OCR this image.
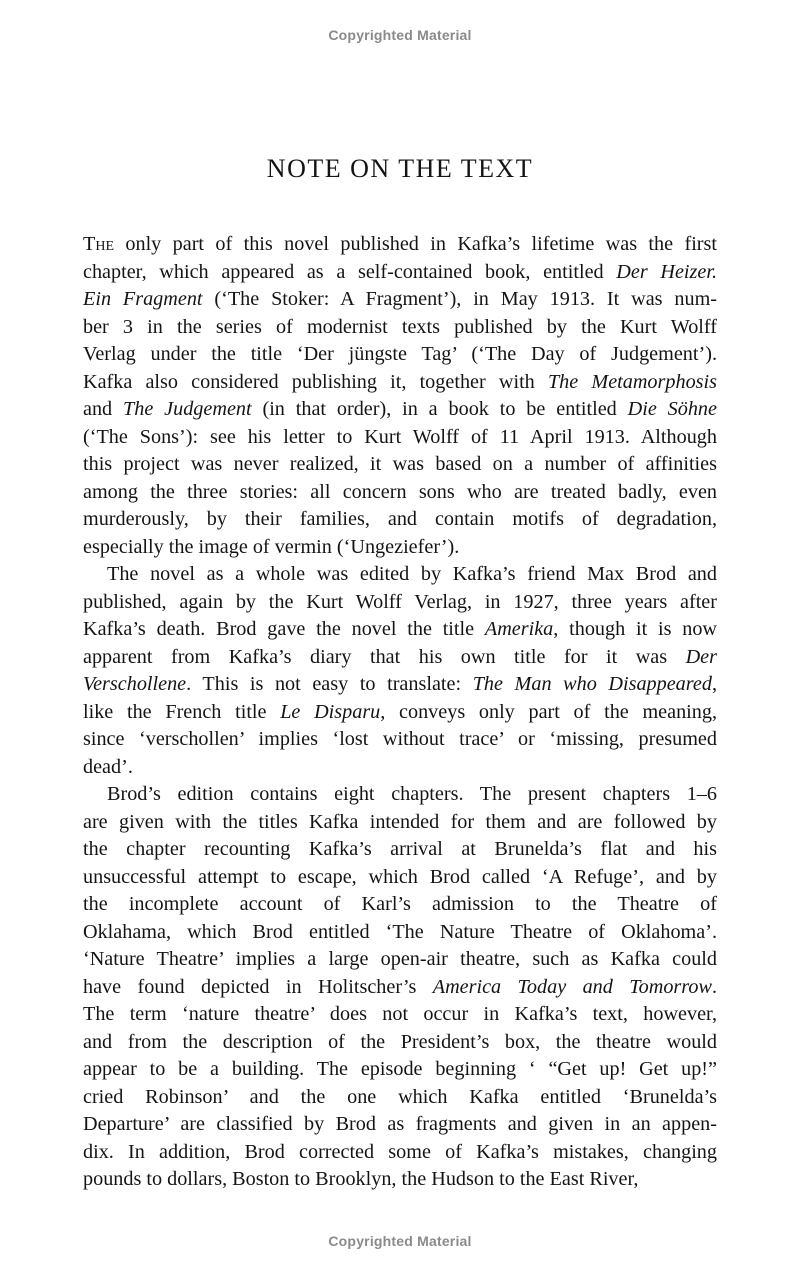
Copyrighted Material
NOTE ON THE TEXT
The only part of this novel published in Kafka’s lifetime was the first
chapter, which appeared as a self-contained book, entitled Der Heizer.
Ein Fragment (‘The Stoker: A Fragment’), in May 1913. It was num-
ber 3 in the series of modernist texts published by the Kurt Wolff
Verlag under the title ‘Der jüngste Tag’ (‘The Day of Judgement’).
Kafka also considered publishing it, together with The Metamorphosis
and The Judgement (in that order), in a book to be entitled Die Söhne
(‘The Sons’): see his letter to Kurt Wolff of 11 April 1913. Although
this project was never realized, it was based on a number of affinities
among the three stories: all concern sons who are treated badly, even
murderously, by their families, and contain motifs of degradation,
especially the image of vermin (‘Ungeziefer’).
The novel as a whole was edited by Kafka’s friend Max Brod and
published, again by the Kurt Wolff Verlag, in 1927, three years after
Kafka’s death. Brod gave the novel the title Amerika, though it is now
apparent from Kafka’s diary that his own title for it was Der
Verschollene. This is not easy to translate: The Man who Disappeared,
like the French title Le Disparu, conveys only part of the meaning,
since ‘verschollen’ implies ‘lost without trace’ or ‘missing, presumed
dead’.
Brod’s edition contains eight chapters. The present chapters 1–6
are given with the titles Kafka intended for them and are followed by
the chapter recounting Kafka’s arrival at Brunelda’s flat and his
unsuccessful attempt to escape, which Brod called ‘A Refuge’, and by
the incomplete account of Karl’s admission to the Theatre of
Oklahama, which Brod entitled ‘The Nature Theatre of Oklahoma’.
‘Nature Theatre’ implies a large open-air theatre, such as Kafka could
have found depicted in Holitscher’s America Today and Tomorrow.
The term ‘nature theatre’ does not occur in Kafka’s text, however,
and from the description of the President’s box, the theatre would
appear to be a building. The episode beginning ‘ “Get up! Get up!”
cried Robinson’ and the one which Kafka entitled ‘Brunelda’s
Departure’ are classified by Brod as fragments and given in an appen-
dix. In addition, Brod corrected some of Kafka’s mistakes, changing
pounds to dollars, Boston to Brooklyn, the Hudson to the East River,
Copyrighted Material
